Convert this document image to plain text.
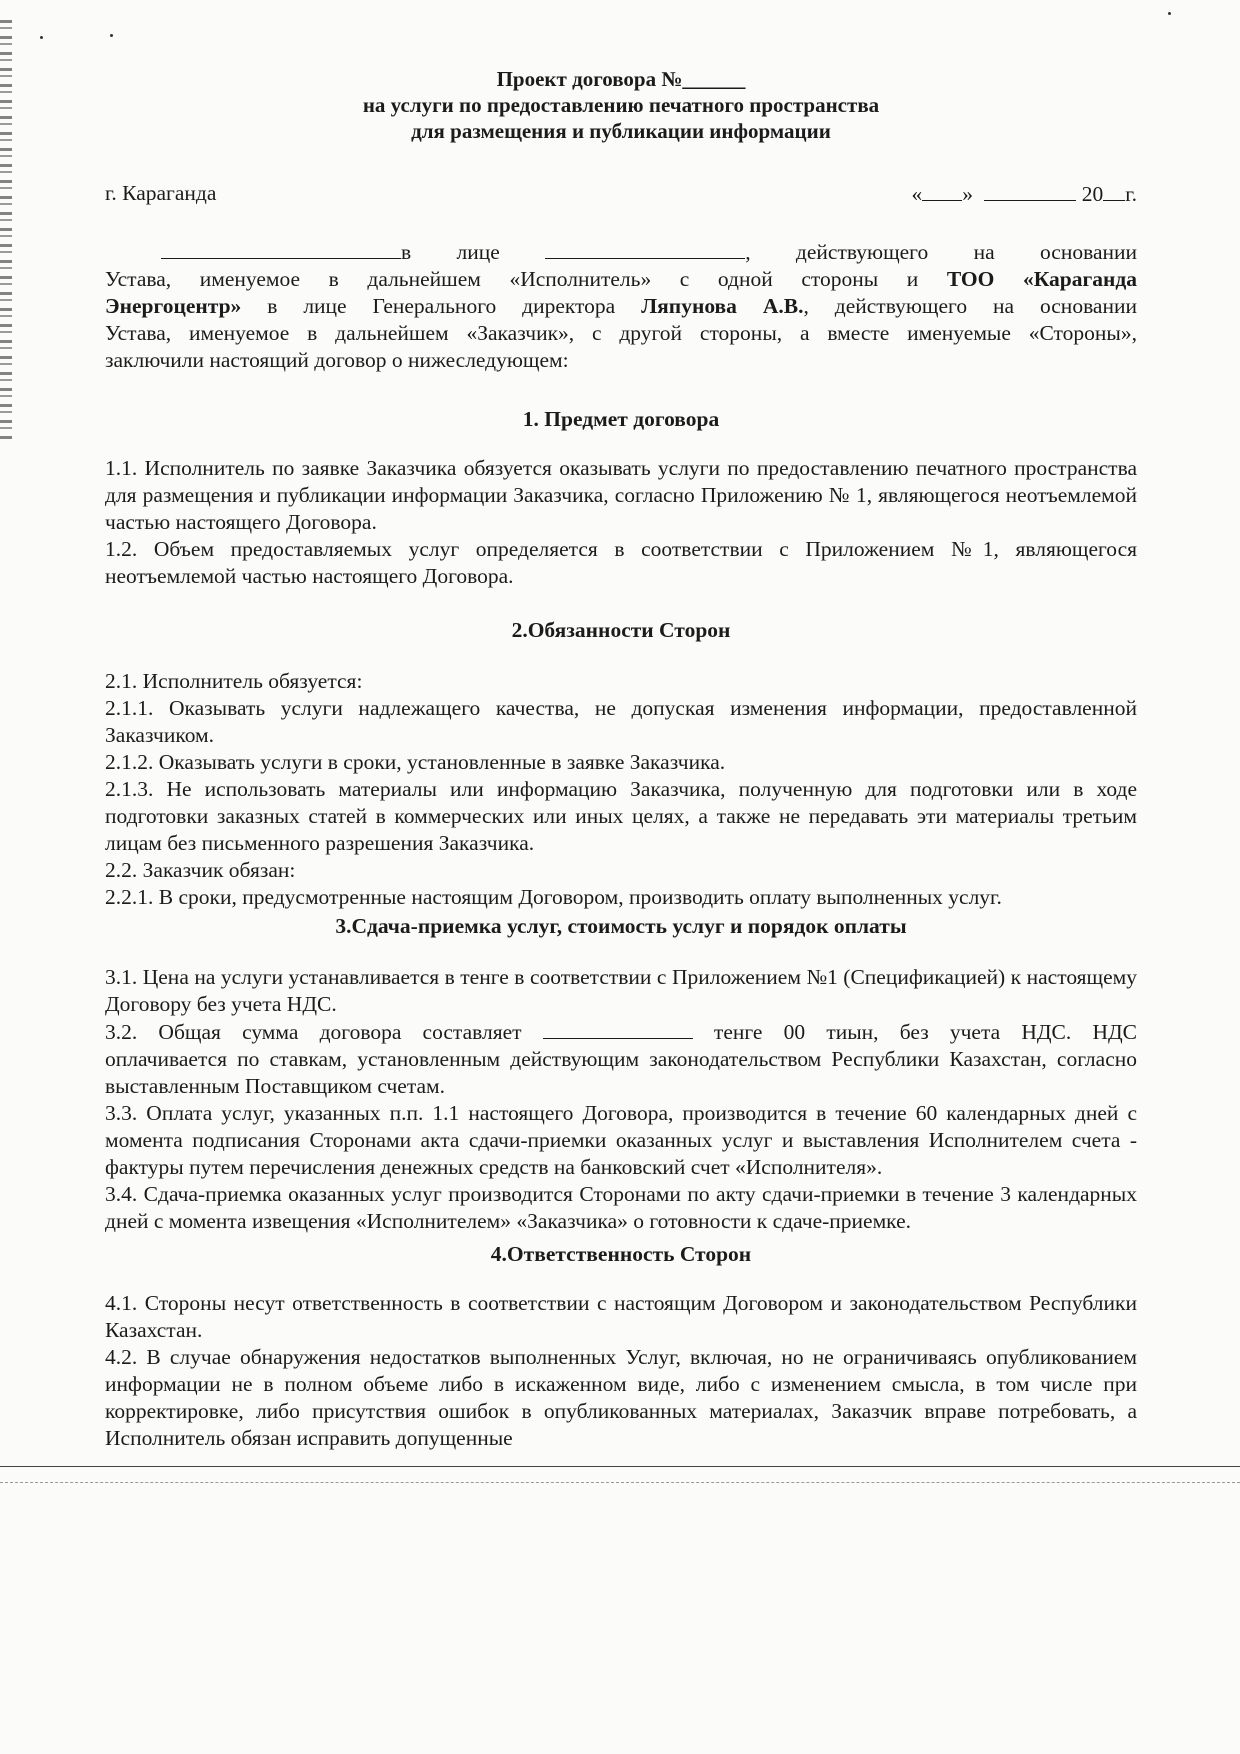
Проект договора №______
на услуги по предоставлению печатного пространства
для размещения и публикации информации
г. Караганда	« »	20 г.

в лице	, действующего на основании

Устава, именуемое в дальнейшем «Исполнитель» с одной стороны и ТОО «Караганда

Энергоцентр» в лице Генерального директора Ляпунова А.В., действующего на основании

Устава, именуемое в дальнейшем «Заказчик», с другой стороны, а вместе именуемые «Стороны»,

заключили настоящий договор о нижеследующем:

1. Предмет договора

1.1. Исполнитель по заявке Заказчика обязуется оказывать услуги по предоставлению печатного пространства для размещения и публикации информации Заказчика, согласно Приложению № 1, являющегося неотъемлемой частью настоящего Договора.

1.2. Объем предоставляемых услуг определяется в соответствии с Приложением №1, являющегося неотъемлемой частью настоящего Договора.

2.Обязанности Сторон

2.1. Исполнитель обязуется:

2.1.1. Оказывать услуги надлежащего качества, не допуская изменения информации, предоставленной Заказчиком.

2.1.2. Оказывать услуги в сроки, установленные в заявке Заказчика.

2.1.3. Не использовать материалы или информацию Заказчика, полученную для подготовки или в ходе подготовки заказных статей в коммерческих или иных целях, а также не передавать эти материалы третьим лицам без письменного разрешения Заказчика.

2.2. Заказчик обязан:

2.2.1. В сроки, предусмотренные настоящим Договором, производить оплату выполненных услуг.

3.Сдача-приемка услуг, стоимость услуг и порядок оплаты

3.1. Цена на услуги устанавливается в тенге в соответствии с Приложением №1 (Спецификацией) к настоящему Договору без учета НДС.

3.2. Общая сумма договора составляет	тенге 00 тиын, без учета НДС. НДС

оплачивается по ставкам, установленным действующим законодательством Республики Казахстан, согласно выставленным Поставщиком счетам.

3.3. Оплата услуг, указанных п.п. 1.1 настоящего Договора, производится в течение 60 календарных дней с момента подписания Сторонами акта сдачи-приемки оказанных услуг и выставления Исполнителем счета - фактуры путем перечисления денежных средств на банковский счет «Исполнителя».

3.4. Сдача-приемка оказанных услуг производится Сторонами по акту сдачи-приемки в течение 3 календарных дней с момента извещения «Исполнителем» «Заказчика» о готовности к сдаче-приемке.

4.Ответственность Сторон

4.1. Стороны несут ответственность в соответствии с настоящим Договором и законодательством Республики Казахстан.

4.2. В случае обнаружения недостатков выполненных Услуг, включая, но не ограничиваясь опубликованием информации не в полном объеме либо в искаженном виде, либо с изменением смысла, в том числе при корректировке, либо присутствия ошибок в опубликованных материалах, Заказчик вправе потребовать, а Исполнитель обязан исправить допущенные
